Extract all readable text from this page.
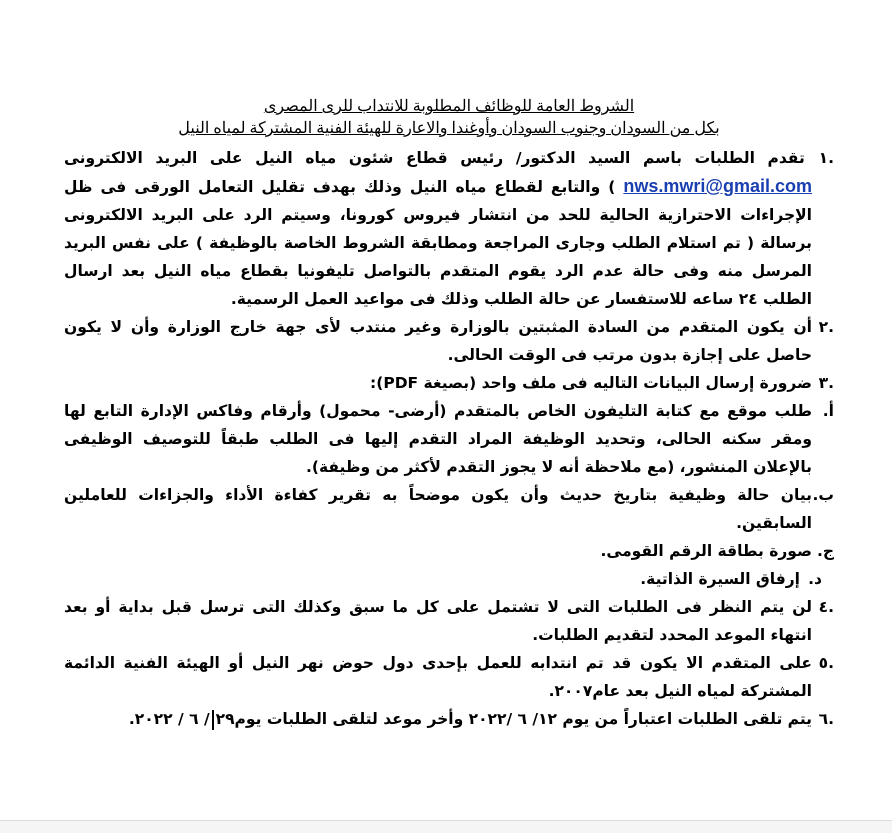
الشروط العامة للوظائف المطلوبة للانتداب للرى المصرى
بكل من السودان وجنوب السودان وأوغندا والاعارة للهيئة الفنية المشتركة لمياه النيل
.١
تقدم الطلبات باسم السيد الدكتور/ رئيس قطاع شئون مياه النيل على البريد الالكترونى nws.mwri@gmail.com ) والتابع لقطاع مياه النيل وذلك بهدف تقليل التعامل الورقى فى ظل الإجراءات الاحترازية الحالية للحد من انتشار فيروس كورونا، وسيتم الرد على البريد الالكترونى برسالة ( تم استلام الطلب وجارى المراجعة ومطابقة الشروط الخاصة بالوظيفة ) على نفس البريد المرسل منه وفى حالة عدم الرد يقوم المتقدم بالتواصل تليفونيا بقطاع مياه النيل بعد ارسال الطلب ٢٤ ساعه للاستفسار عن حالة الطلب وذلك فى مواعيد العمل الرسمية.
.٢
أن يكون المتقدم من السادة المثبتين بالوزارة وغير منتدب لأى جهة خارج الوزارة وأن لا يكون حاصل على إجازة بدون مرتب فى الوقت الحالى.
.٣
ضرورة إرسال البيانات التاليه فى ملف واحد (بصيغة PDF):
أ.
طلب موقع مع كتابة التليفون الخاص بالمتقدم (أرضى- محمول) وأرقام وفاكس الإدارة التابع لها ومقر سكنه الحالى، وتحديد الوظيفة المراد التقدم إليها فى الطلب طبقاً للتوصيف الوظيفى بالإعلان المنشور، (مع ملاحظة أنه لا يجوز التقدم لأكثر من وظيفة).
ب.
بيان حالة وظيفية بتاريخ حديث وأن يكون موضحاً به تقرير كفاءة الأداء والجزاءات للعاملين السابقين.
ج.
صورة بطاقة الرقم القومى.
د.
إرفاق السيرة الذاتية.
.٤
لن يتم النظر فى الطلبات التى لا تشتمل على كل ما سبق وكذلك التى ترسل قبل بداية أو بعد انتهاء الموعد المحدد لتقديم الطلبات.
.٥
على المتقدم الا يكون قد تم انتدابه للعمل بإحدى دول حوض نهر النيل أو الهيئة الفنية الدائمة المشتركة لمياه النيل بعد عام٢٠٠٧.
.٦
يتم تلقى الطلبات اعتباراً من يوم ١٢/ ٦ /٢٠٢٢ وأخر موعد لتلقى الطلبات يوم٢٩/ ٦ / ٢٠٢٢.
